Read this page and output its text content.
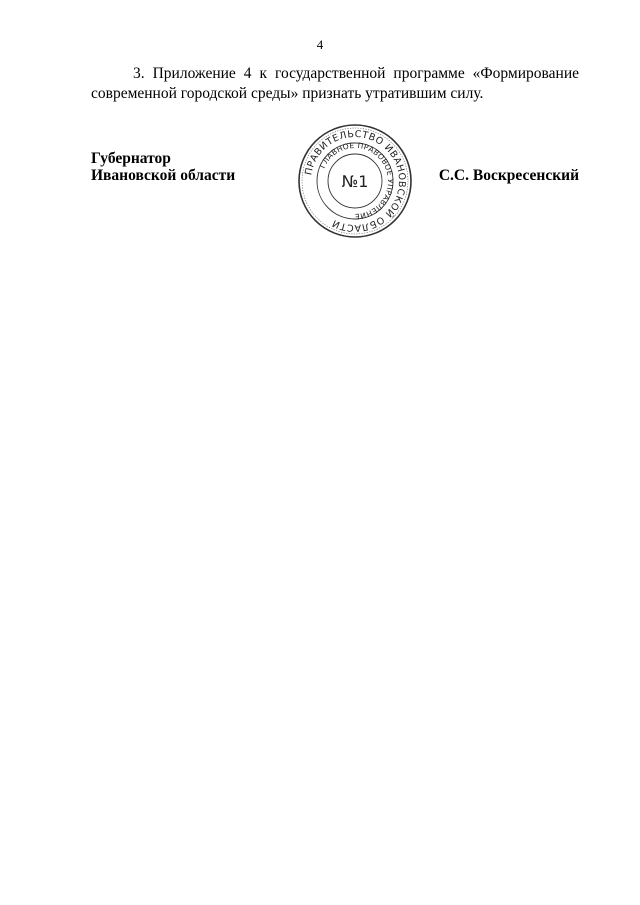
4

3. Приложение 4 к государственной программе «Формирование современной городской среды» признать утратившим силу.

Губернатор
Ивановской области	ПРАВИТЕЛЬСТВО ИВАНОВСКОЙ ОБЛАСТИ
ГЛАВНОЕ ПРАВОВОЕ УПРАВЛЕНИЕ
№1	С.С. Воскресенский
